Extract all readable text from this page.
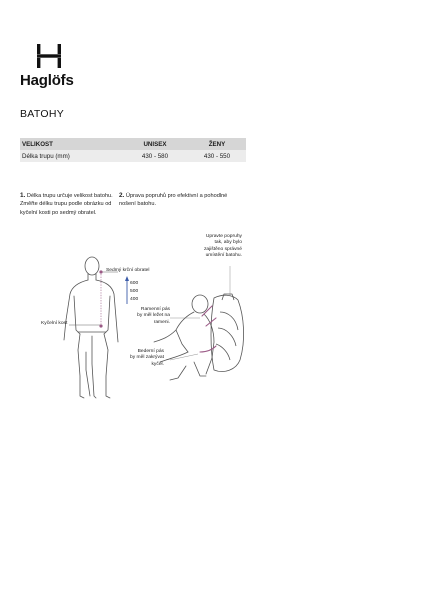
Haglöfs
BATOHY
VELIKOST	UNISEX	ŽENY
Délka trupu (mm)	430 - 580	430 - 550
1. Délka trupu určuje velikost batohu. Změřte délku trupu podle obrázku od kyčelní kosti po sedmý obratel.
2. Úprava popruhů pro efektivní a pohodlné nošení batohu.
Sedmý krční obratel
600
500
400
Kyčelní kost
Upravte popruhy
tak, aby bylo
zajištěno správné
umístění batohu.
Ramenní pás
by měl ležet na
rameni.
Bederní pás
by měl zakrývat
kyčel.
